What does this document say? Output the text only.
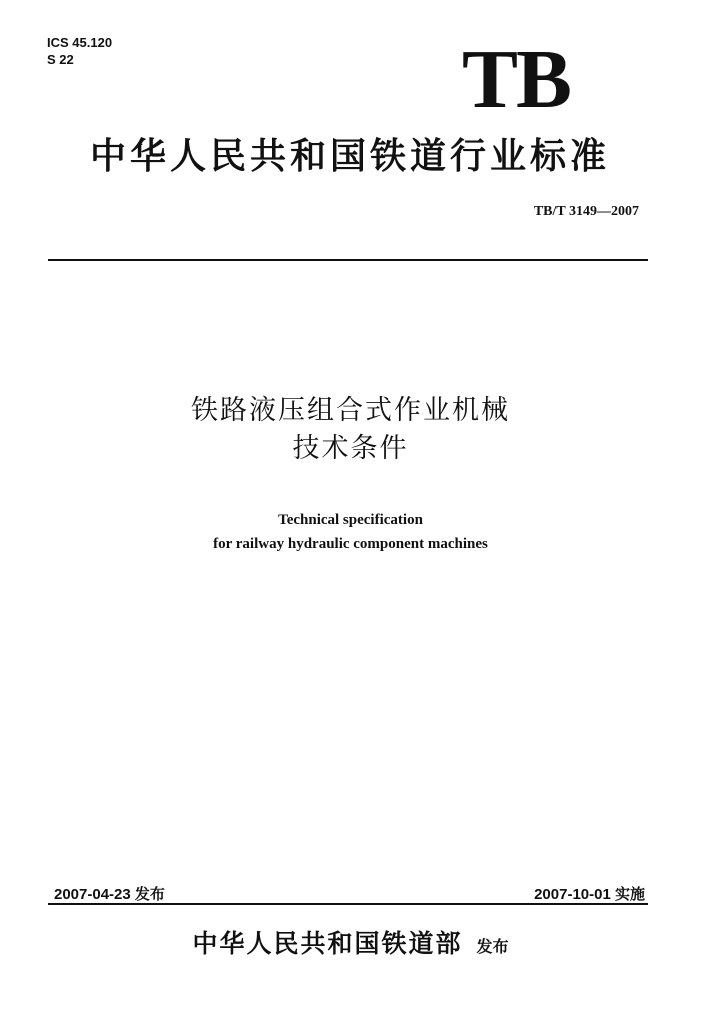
ICS 45.120
S 22	TB
中华人民共和国铁道行业标准
TB/T 3149—2007
铁路液压组合式作业机械
技术条件
Technical specification
for railway hydraulic component machines
2007-04-23 发布	2007-10-01 实施
中华人民共和国铁道部 发布
